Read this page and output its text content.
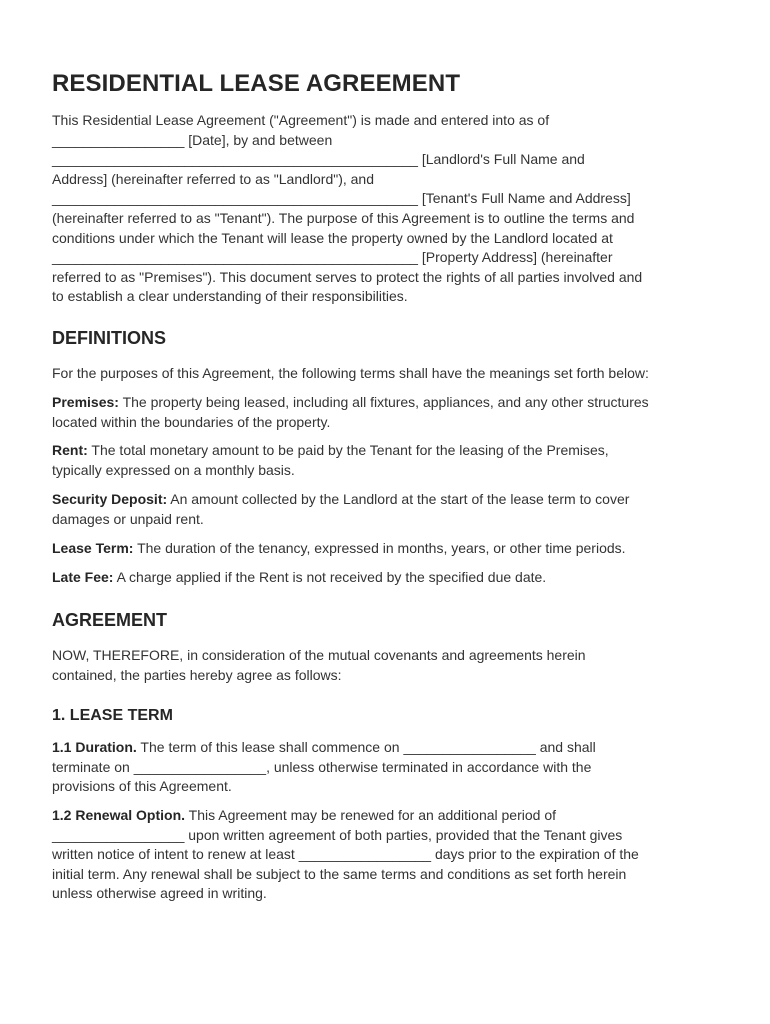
RESIDENTIAL LEASE AGREEMENT
This Residential Lease Agreement ("Agreement") is made and entered into as of
_________________ [Date], by and between
_______________________________________________ [Landlord's Full Name and
Address] (hereinafter referred to as "Landlord"), and
_______________________________________________ [Tenant's Full Name and Address]
(hereinafter referred to as "Tenant"). The purpose of this Agreement is to outline the terms and
conditions under which the Tenant will lease the property owned by the Landlord located at
_______________________________________________ [Property Address] (hereinafter
referred to as "Premises"). This document serves to protect the rights of all parties involved and
to establish a clear understanding of their responsibilities.
DEFINITIONS
For the purposes of this Agreement, the following terms shall have the meanings set forth below:
Premises: The property being leased, including all fixtures, appliances, and any other structures
located within the boundaries of the property.
Rent: The total monetary amount to be paid by the Tenant for the leasing of the Premises,
typically expressed on a monthly basis.
Security Deposit: An amount collected by the Landlord at the start of the lease term to cover
damages or unpaid rent.
Lease Term: The duration of the tenancy, expressed in months, years, or other time periods.
Late Fee: A charge applied if the Rent is not received by the specified due date.
AGREEMENT
NOW, THEREFORE, in consideration of the mutual covenants and agreements herein
contained, the parties hereby agree as follows:
1. LEASE TERM
1.1 Duration. The term of this lease shall commence on _________________ and shall
terminate on _________________, unless otherwise terminated in accordance with the
provisions of this Agreement.
1.2 Renewal Option. This Agreement may be renewed for an additional period of
_________________ upon written agreement of both parties, provided that the Tenant gives
written notice of intent to renew at least _________________ days prior to the expiration of the
initial term. Any renewal shall be subject to the same terms and conditions as set forth herein
unless otherwise agreed in writing.
